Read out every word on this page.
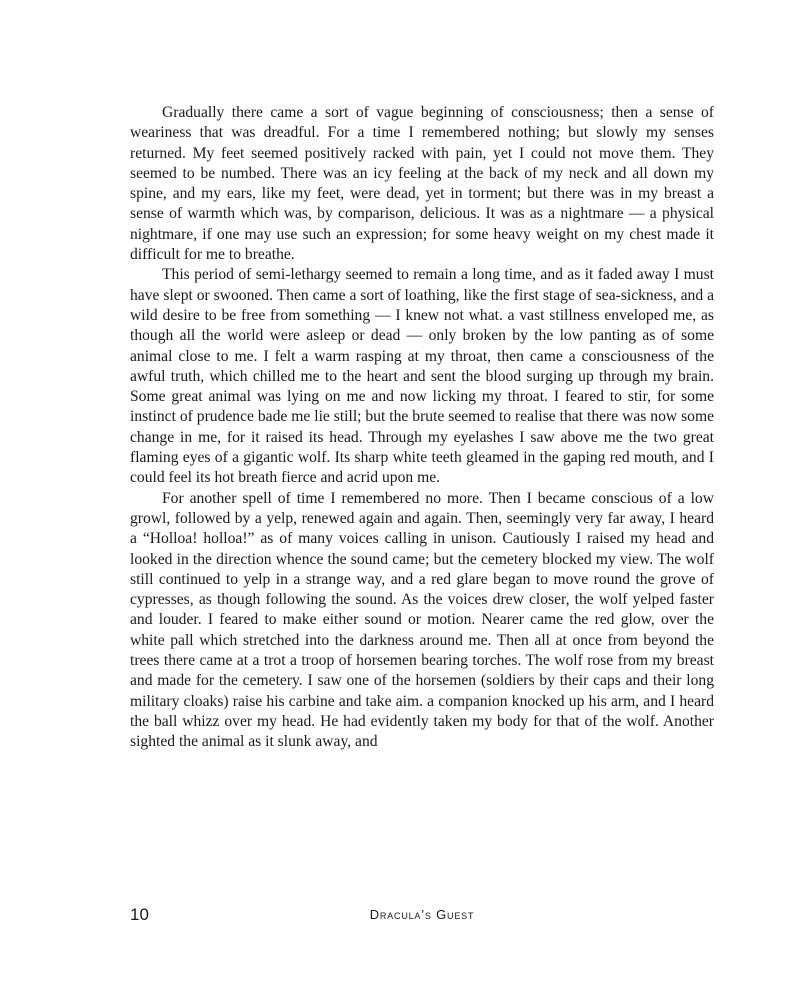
Gradually there came a sort of vague beginning of consciousness; then a sense of weariness that was dreadful. For a time I remembered nothing; but slowly my senses returned. My feet seemed positively racked with pain, yet I could not move them. They seemed to be numbed. There was an icy feeling at the back of my neck and all down my spine, and my ears, like my feet, were dead, yet in torment; but there was in my breast a sense of warmth which was, by comparison, delicious. It was as a nightmare — a physical nightmare, if one may use such an expression; for some heavy weight on my chest made it difficult for me to breathe.

This period of semi-lethargy seemed to remain a long time, and as it faded away I must have slept or swooned. Then came a sort of loathing, like the first stage of sea-sickness, and a wild desire to be free from something — I knew not what. a vast stillness enveloped me, as though all the world were asleep or dead — only broken by the low panting as of some animal close to me. I felt a warm rasping at my throat, then came a consciousness of the awful truth, which chilled me to the heart and sent the blood surging up through my brain. Some great animal was lying on me and now licking my throat. I feared to stir, for some instinct of prudence bade me lie still; but the brute seemed to realise that there was now some change in me, for it raised its head. Through my eyelashes I saw above me the two great flaming eyes of a gigantic wolf. Its sharp white teeth gleamed in the gaping red mouth, and I could feel its hot breath fierce and acrid upon me.

For another spell of time I remembered no more. Then I became conscious of a low growl, followed by a yelp, renewed again and again. Then, seemingly very far away, I heard a “Holloa! holloa!” as of many voices calling in unison. Cautiously I raised my head and looked in the direction whence the sound came; but the cemetery blocked my view. The wolf still continued to yelp in a strange way, and a red glare began to move round the grove of cypresses, as though following the sound. As the voices drew closer, the wolf yelped faster and louder. I feared to make either sound or motion. Nearer came the red glow, over the white pall which stretched into the darkness around me. Then all at once from beyond the trees there came at a trot a troop of horsemen bearing torches. The wolf rose from my breast and made for the cemetery. I saw one of the horsemen (soldiers by their caps and their long military cloaks) raise his carbine and take aim. a companion knocked up his arm, and I heard the ball whizz over my head. He had evidently taken my body for that of the wolf. Another sighted the animal as it slunk away, and

10	Dracula’s Guest
